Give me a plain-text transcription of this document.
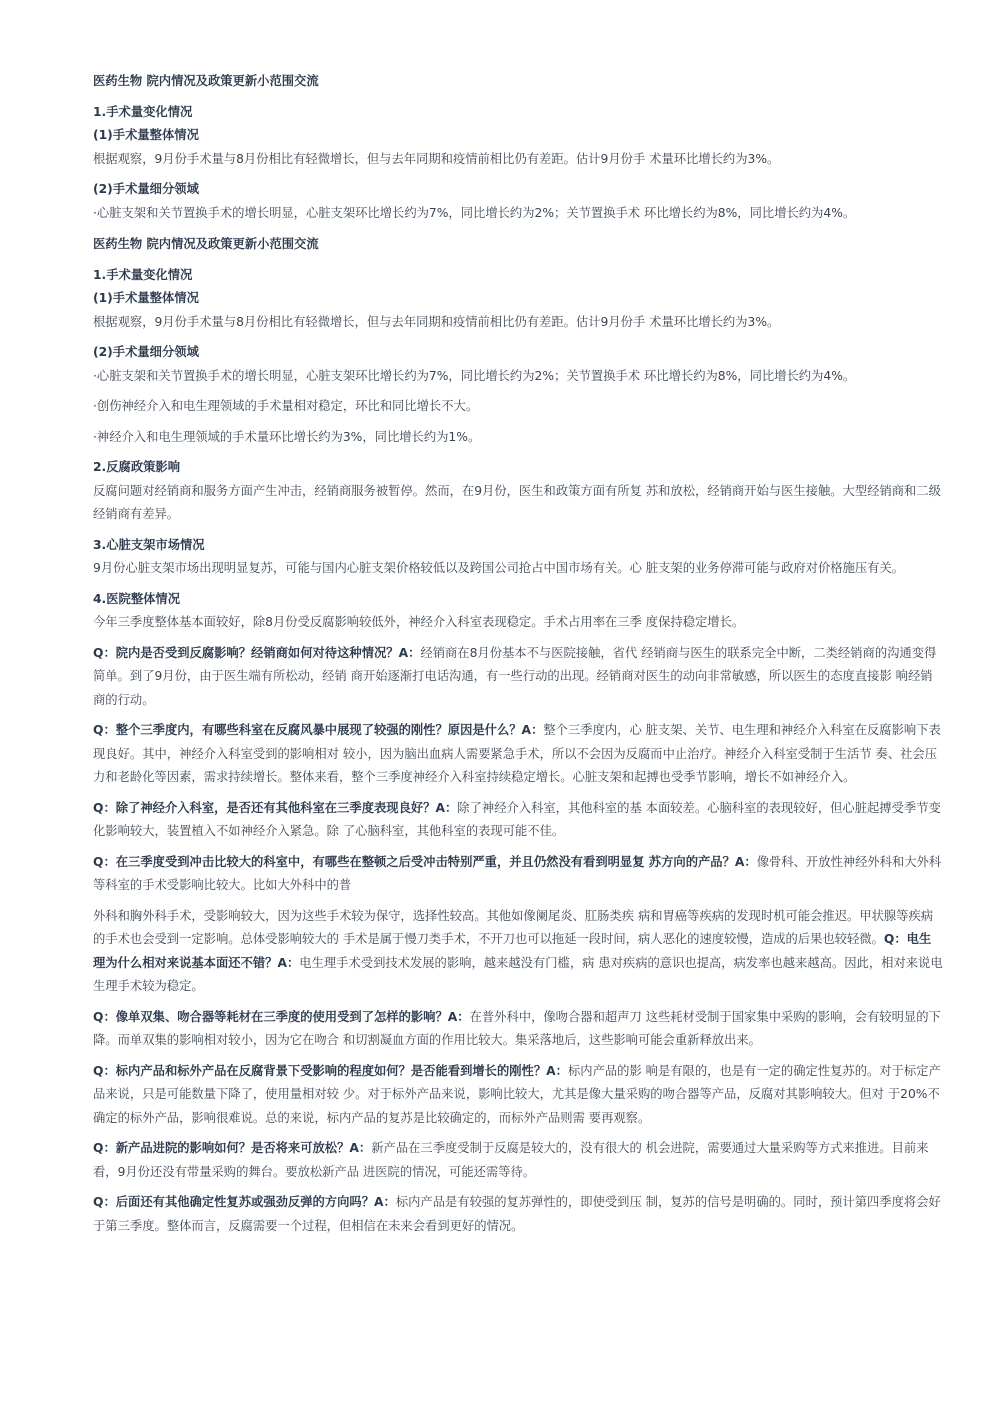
医药生物 院内情况及政策更新小范围交流
1.手术量变化情况
(1)手术量整体情况
根据观察，9月份手术量与8月份相比有轻微增长，但与去年同期和疫情前相比仍有差距。估计9月份手 术量环比增长约为3%。
(2)手术量细分领域
·心脏支架和关节置换手术的增长明显，心脏支架环比增长约为7%，同比增长约为2%；关节置换手术 环比增长约为8%，同比增长约为4%。
医药生物 院内情况及政策更新小范围交流
1.手术量变化情况
(1)手术量整体情况
根据观察，9月份手术量与8月份相比有轻微增长，但与去年同期和疫情前相比仍有差距。估计9月份手 术量环比增长约为3%。
(2)手术量细分领域
·心脏支架和关节置换手术的增长明显，心脏支架环比增长约为7%，同比增长约为2%；关节置换手术 环比增长约为8%，同比增长约为4%。
·创伤神经介入和电生理领域的手术量相对稳定，环比和同比增长不大。
·神经介入和电生理领域的手术量环比增长约为3%，同比增长约为1%。
2.反腐政策影响
反腐问题对经销商和服务方面产生冲击，经销商服务被暂停。然而，在9月份，医生和政策方面有所复 苏和放松，经销商开始与医生接触。大型经销商和二级经销商有差异。
3.心脏支架市场情况
9月份心脏支架市场出现明显复苏，可能与国内心脏支架价格较低以及跨国公司抢占中国市场有关。心 脏支架的业务停滞可能与政府对价格施压有关。
4.医院整体情况
今年三季度整体基本面较好，除8月份受反腐影响较低外，神经介入科室表现稳定。手术占用率在三季 度保持稳定增长。
Q：院内是否受到反腐影响？经销商如何对待这种情况？A：经销商在8月份基本不与医院接触，省代 经销商与医生的联系完全中断，二类经销商的沟通变得简单。到了9月份，由于医生端有所松动，经销 商开始逐渐打电话沟通，有一些行动的出现。经销商对医生的动向非常敏感，所以医生的态度直接影 响经销商的行动。
Q：整个三季度内，有哪些科室在反腐风暴中展现了较强的刚性？原因是什么？A：整个三季度内，心 脏支架、关节、电生理和神经介入科室在反腐影响下表现良好。其中，神经介入科室受到的影响相对 较小，因为脑出血病人需要紧急手术，所以不会因为反腐而中止治疗。神经介入科室受制于生活节 奏、社会压力和老龄化等因素，需求持续增长。整体来看，整个三季度神经介入科室持续稳定增长。心脏支架和起搏也受季节影响，增长不如神经介入。
Q：除了神经介入科室，是否还有其他科室在三季度表现良好？A：除了神经介入科室，其他科室的基 本面较差。心脑科室的表现较好，但心脏起搏受季节变化影响较大，装置植入不如神经介入紧急。除 了心脑科室，其他科室的表现可能不佳。
Q：在三季度受到冲击比较大的科室中，有哪些在整顿之后受冲击特别严重，并且仍然没有看到明显复 苏方向的产品？A：像骨科、开放性神经外科和大外科等科室的手术受影响比较大。比如大外科中的普
外科和胸外科手术，受影响较大，因为这些手术较为保守，选择性较高。其他如像阑尾炎、肛肠类疾 病和胃癌等疾病的发现时机可能会推迟。甲状腺等疾病的手术也会受到一定影响。总体受影响较大的 手术是属于慢刀类手术，不开刀也可以拖延一段时间，病人恶化的速度较慢，造成的后果也较轻微。Q：电生理为什么相对来说基本面还不错？A：电生理手术受到技术发展的影响，越来越没有门槛，病 患对疾病的意识也提高，病发率也越来越高。因此，相对来说电生理手术较为稳定。
Q：像单双集、吻合器等耗材在三季度的使用受到了怎样的影响？A：在普外科中，像吻合器和超声刀 这些耗材受制于国家集中采购的影响，会有较明显的下降。而单双集的影响相对较小，因为它在吻合 和切割凝血方面的作用比较大。集采落地后，这些影响可能会重新释放出来。
Q：标内产品和标外产品在反腐背景下受影响的程度如何？是否能看到增长的刚性？A：标内产品的影 响是有限的，也是有一定的确定性复苏的。对于标定产品来说，只是可能数量下降了，使用量相对较 少。对于标外产品来说，影响比较大，尤其是像大量采购的吻合器等产品，反腐对其影响较大。但对 于20%不确定的标外产品，影响很难说。总的来说，标内产品的复苏是比较确定的，而标外产品则需 要再观察。
Q：新产品进院的影响如何？是否将来可放松？A：新产品在三季度受制于反腐是较大的，没有很大的 机会进院，需要通过大量采购等方式来推进。目前来看，9月份还没有带量采购的舞台。要放松新产品 进医院的情况，可能还需等待。
Q：后面还有其他确定性复苏或强劲反弹的方向吗？A：标内产品是有较强的复苏弹性的，即使受到压 制，复苏的信号是明确的。同时，预计第四季度将会好于第三季度。整体而言，反腐需要一个过程，但相信在未来会看到更好的情况。
